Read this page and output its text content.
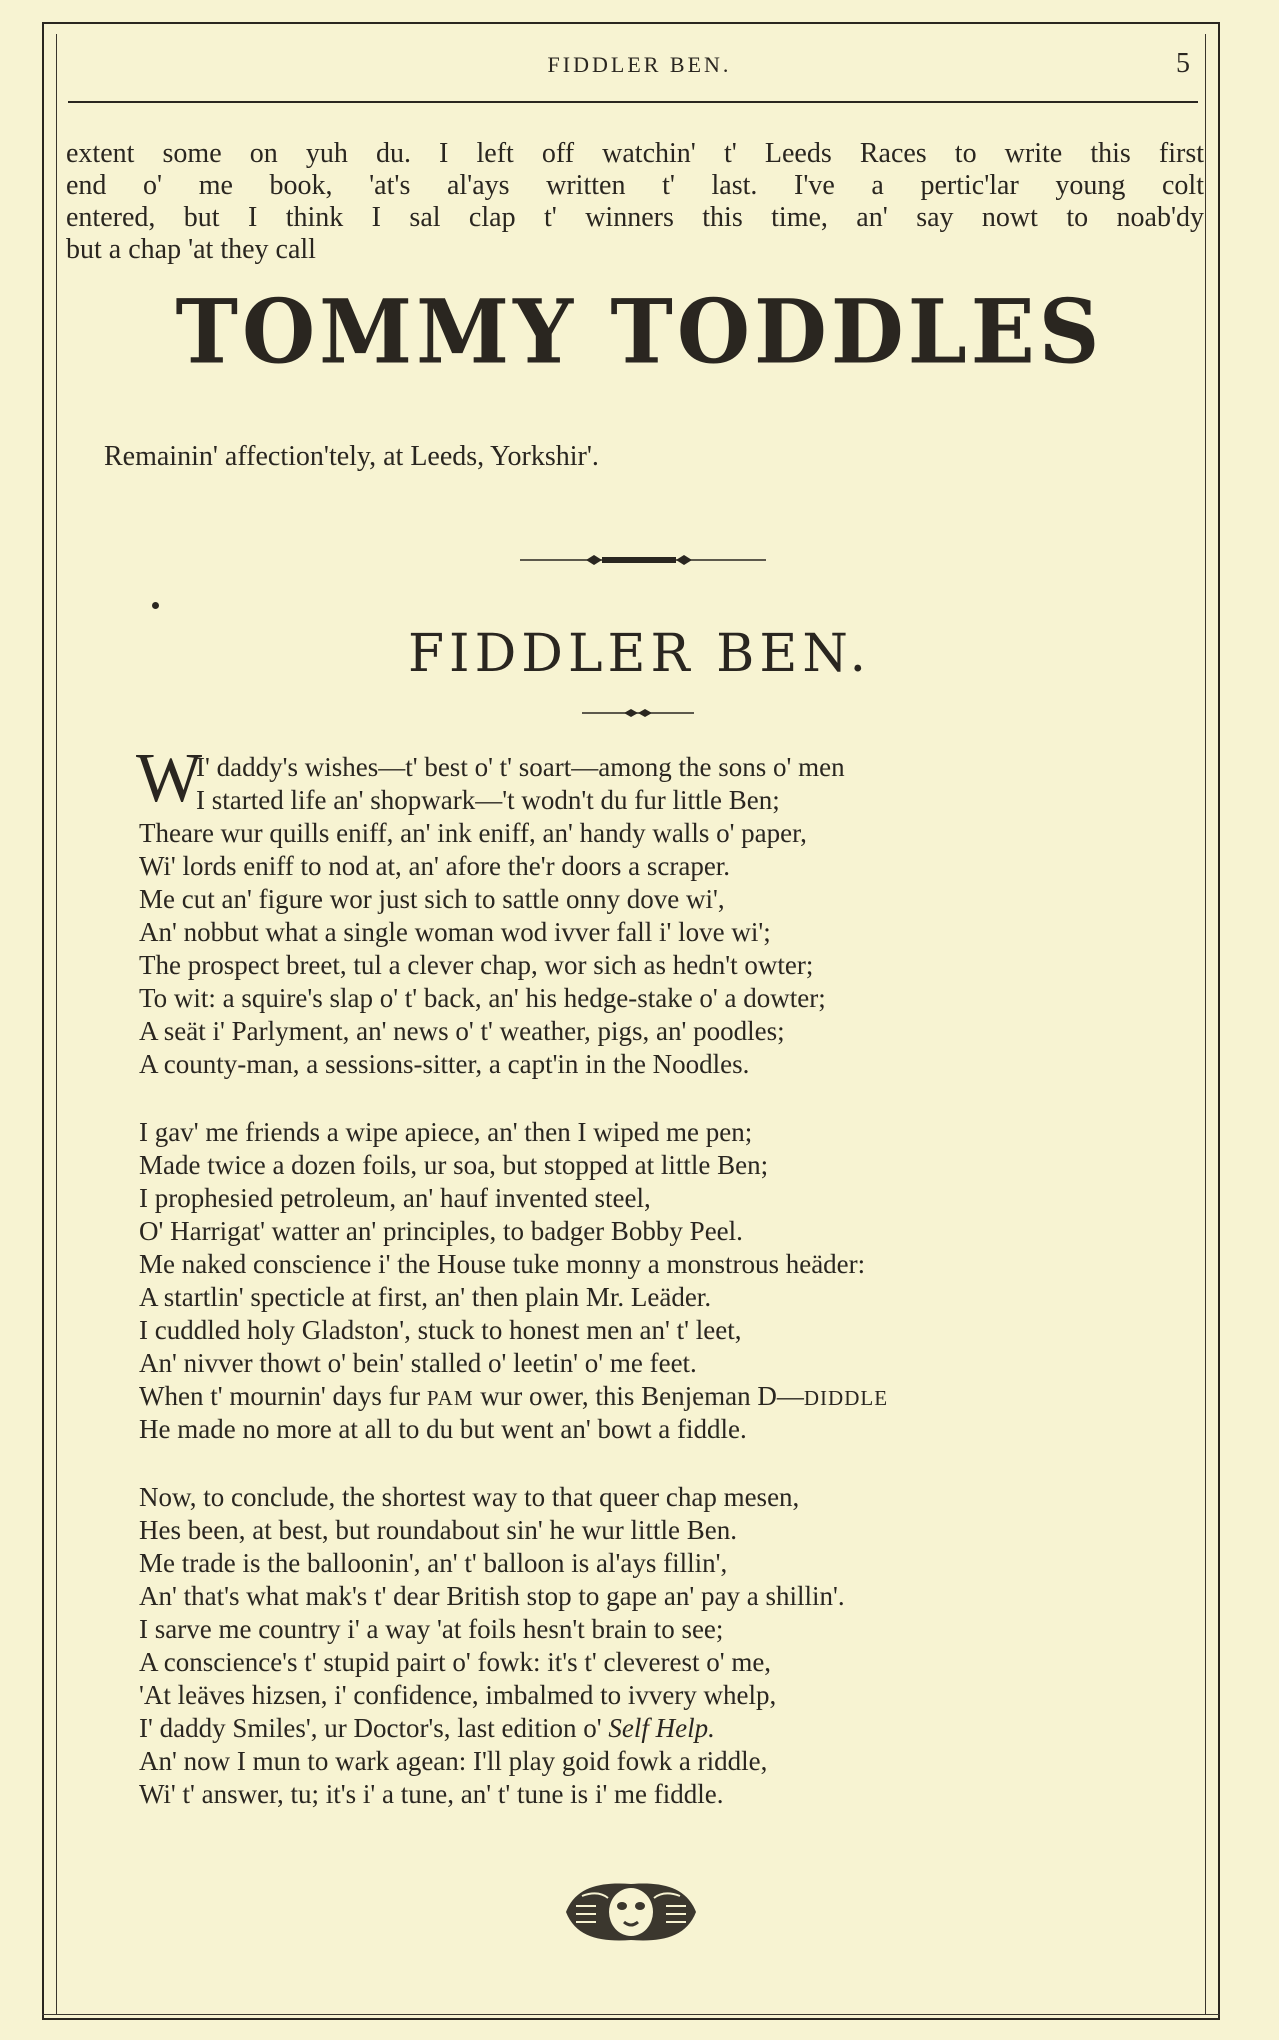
FIDDLER BEN.	5

extent some on yuh du. I left off watchin' t' Leeds Races to write this first
end o' me book, 'at's al'ays written t' last. I've a pertic'lar young colt
entered, but I think I sal clap t' winners this time, an' say nowt to noab'dy
but a chap 'at they call

TOMMY TODDLES
Remainin' affection'tely, at Leeds, Yorkshir'.
FIDDLER BEN.
W
I' daddy's wishes—t' best o' t' soart—among the sons o' men
I started life an' shopwark—'t wodn't du fur little Ben;
Theare wur quills eniff, an' ink eniff, an' handy walls o' paper,
Wi' lords eniff to nod at, an' afore the'r doors a scraper.
Me cut an' figure wor just sich to sattle onny dove wi',
An' nobbut what a single woman wod ivver fall i' love wi';
The prospect breet, tul a clever chap, wor sich as hedn't owter;
To wit: a squire's slap o' t' back, an' his hedge-stake o' a dowter;
A seät i' Parlyment, an' news o' t' weather, pigs, an' poodles;
A county-man, a sessions-sitter, a capt'in in the Noodles.
I gav' me friends a wipe apiece, an' then I wiped me pen;
Made twice a dozen foils, ur soa, but stopped at little Ben;
I prophesied petroleum, an' hauf invented steel,
O' Harrigat' watter an' principles, to badger Bobby Peel.
Me naked conscience i' the House tuke monny a monstrous heäder:
A startlin' specticle at first, an' then plain Mr. Leäder.
I cuddled holy Gladston', stuck to honest men an' t' leet,
An' nivver thowt o' bein' stalled o' leetin' o' me feet.
When t' mournin' days fur PAM wur ower, this Benjeman D—DIDDLE
He made no more at all to du but went an' bowt a fiddle.
Now, to conclude, the shortest way to that queer chap mesen,
Hes been, at best, but roundabout sin' he wur little Ben.
Me trade is the balloonin', an' t' balloon is al'ays fillin',
An' that's what mak's t' dear British stop to gape an' pay a shillin'.
I sarve me country i' a way 'at foils hesn't brain to see;
A conscience's t' stupid pairt o' fowk: it's t' cleverest o' me,
'At leäves hizsen, i' confidence, imbalmed to ivvery whelp,
I' daddy Smiles', ur Doctor's, last edition o' Self Help.
An' now I mun to wark agean: I'll play goid fowk a riddle,
Wi' t' answer, tu; it's i' a tune, an' t' tune is i' me fiddle.
